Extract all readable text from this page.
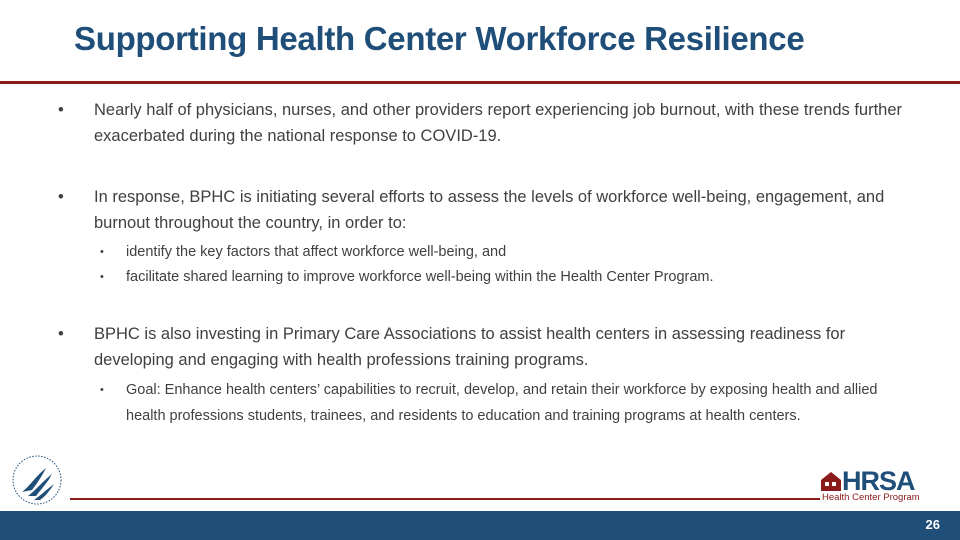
Supporting Health Center Workforce Resilience
•	Nearly half of physicians, nurses, and other providers report experiencing job burnout, with these trends further exacerbated during the national response to COVID-19.
•	In response, BPHC is initiating several efforts to assess the levels of workforce well-being, engagement, and burnout throughout the country, in order to:
• identify the key factors that affect workforce well-being, and
• facilitate shared learning to improve workforce well-being within the Health Center Program.
•	BPHC is also investing in Primary Care Associations to assist health centers in assessing readiness for developing and engaging with health professions training programs.
• Goal: Enhance health centers’ capabilities to recruit, develop, and retain their workforce by exposing health and allied health professions students, trainees, and residents to education and training programs at health centers.
HRSA
Health Center Program
26
